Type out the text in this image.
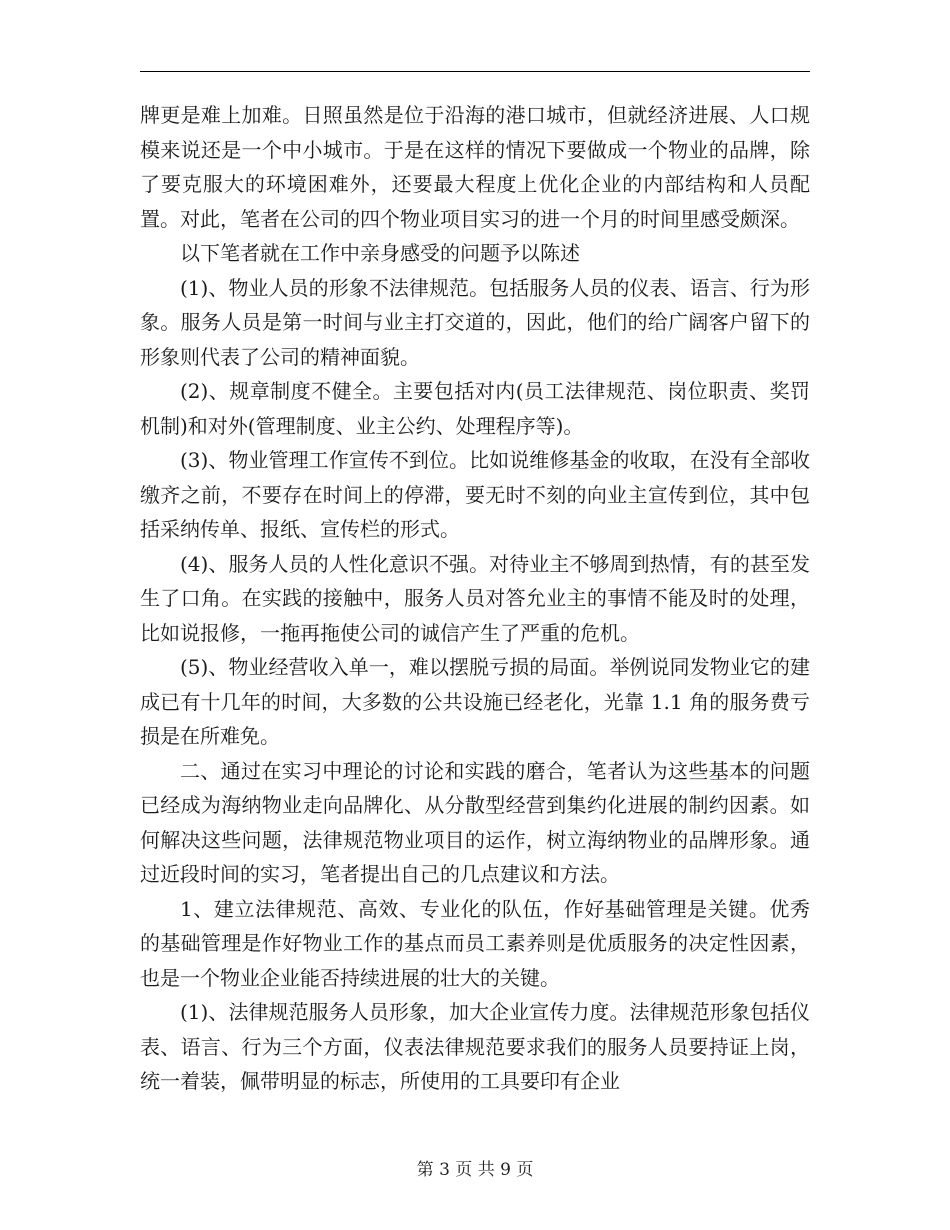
牌更是难上加难。日照虽然是位于沿海的港口城市，但就经济进展、人口规模来说还是一个中小城市。于是在这样的情况下要做成一个物业的品牌，除了要克服大的环境困难外，还要最大程度上优化企业的内部结构和人员配置。对此，笔者在公司的四个物业项目实习的进一个月的时间里感受颇深。

以下笔者就在工作中亲身感受的问题予以陈述

(1)、物业人员的形象不法律规范。包括服务人员的仪表、语言、行为形象。服务人员是第一时间与业主打交道的，因此，他们的给广阔客户留下的形象则代表了公司的精神面貌。

(2)、规章制度不健全。主要包括对内(员工法律规范、岗位职责、奖罚机制)和对外(管理制度、业主公约、处理程序等)。

(3)、物业管理工作宣传不到位。比如说维修基金的收取，在没有全部收缴齐之前，不要存在时间上的停滞，要无时不刻的向业主宣传到位，其中包括采纳传单、报纸、宣传栏的形式。

(4)、服务人员的人性化意识不强。对待业主不够周到热情，有的甚至发生了口角。在实践的接触中，服务人员对答允业主的事情不能及时的处理，比如说报修，一拖再拖使公司的诚信产生了严重的危机。

(5)、物业经营收入单一，难以摆脱亏损的局面。举例说同发物业它的建成已有十几年的时间，大多数的公共设施已经老化，光靠 1.1 角的服务费亏损是在所难免。

二、通过在实习中理论的讨论和实践的磨合，笔者认为这些基本的问题已经成为海纳物业走向品牌化、从分散型经营到集约化进展的制约因素。如何解决这些问题，法律规范物业项目的运作，树立海纳物业的品牌形象。通过近段时间的实习，笔者提出自己的几点建议和方法。

1、建立法律规范、高效、专业化的队伍，作好基础管理是关键。优秀的基础管理是作好物业工作的基点而员工素养则是优质服务的决定性因素，也是一个物业企业能否持续进展的壮大的关键。

(1)、法律规范服务人员形象，加大企业宣传力度。法律规范形象包括仪表、语言、行为三个方面，仪表法律规范要求我们的服务人员要持证上岗，统一着装，佩带明显的标志，所使用的工具要印有企业

第 3 页 共 9 页
